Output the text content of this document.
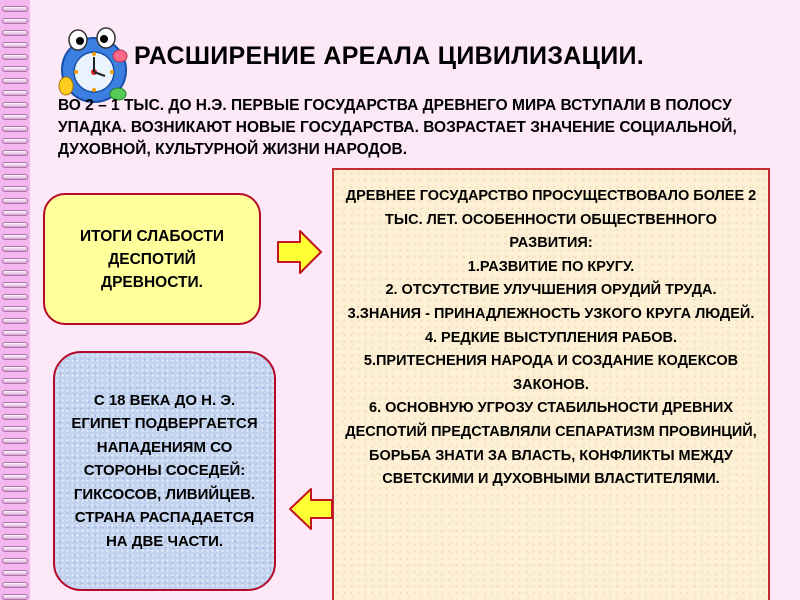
РАСШИРЕНИЕ АРЕАЛА ЦИВИЛИЗАЦИИ.
ВО 2 – 1 ТЫС. ДО Н.Э. ПЕРВЫЕ ГОСУДАРСТВА ДРЕВНЕГО МИРА ВСТУПАЛИ В ПОЛОСУ УПАДКА. ВОЗНИКАЮТ НОВЫЕ ГОСУДАРСТВА. ВОЗРАСТАЕТ ЗНАЧЕНИЕ СОЦИАЛЬНОЙ, ДУХОВНОЙ, КУЛЬТУРНОЙ ЖИЗНИ НАРОДОВ.
ИТОГИ СЛАБОСТИ ДЕСПОТИЙ ДРЕВНОСТИ.
ДРЕВНЕЕ ГОСУДАРСТВО ПРОСУЩЕСТВОВАЛО БОЛЕЕ 2 ТЫС. ЛЕТ. ОСОБЕННОСТИ ОБЩЕСТВЕННОГО РАЗВИТИЯ:
1.РАЗВИТИЕ ПО КРУГУ.
2. ОТСУТСТВИЕ УЛУЧШЕНИЯ ОРУДИЙ ТРУДА.
3.ЗНАНИЯ - ПРИНАДЛЕЖНОСТЬ УЗКОГО КРУГА ЛЮДЕЙ.
4. РЕДКИЕ ВЫСТУПЛЕНИЯ РАБОВ.
5.ПРИТЕСНЕНИЯ НАРОДА И СОЗДАНИЕ КОДЕКСОВ ЗАКОНОВ.
6. ОСНОВНУЮ УГРОЗУ СТАБИЛЬНОСТИ ДРЕВНИХ ДЕСПОТИЙ ПРЕДСТАВЛЯЛИ СЕПАРАТИЗМ ПРОВИНЦИЙ, БОРЬБА ЗНАТИ ЗА ВЛАСТЬ, КОНФЛИКТЫ МЕЖДУ СВЕТСКИМИ И ДУХОВНЫМИ ВЛАСТИТЕЛЯМИ.
С 18 ВЕКА ДО Н. Э. ЕГИПЕТ ПОДВЕРГАЕТСЯ НАПАДЕНИЯМ СО СТОРОНЫ СОСЕДЕЙ: ГИКСОСОВ, ЛИВИЙЦЕВ. СТРАНА РАСПАДАЕТСЯ НА ДВЕ ЧАСТИ.
